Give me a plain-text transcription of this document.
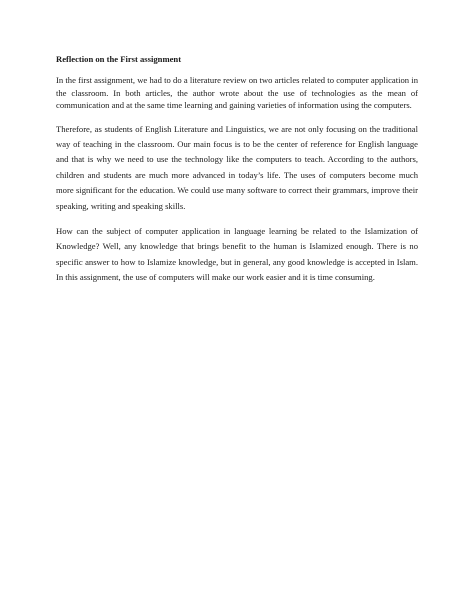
Reflection on the First assignment

In the first assignment, we had to do a literature review on two articles related to computer application in the classroom. In both articles, the author wrote about the use of technologies as the mean of communication and at the same time learning and gaining varieties of information using the computers.

Therefore, as students of English Literature and Linguistics, we are not only focusing on the traditional way of teaching in the classroom. Our main focus is to be the center of reference for English language and that is why we need to use the technology like the computers to teach. According to the authors, children and students are much more advanced in today’s life. The uses of computers become much more significant for the education. We could use many software to correct their grammars, improve their speaking, writing and speaking skills.

How can the subject of computer application in language learning be related to the Islamization of Knowledge? Well, any knowledge that brings benefit to the human is Islamized enough. There is no specific answer to how to Islamize knowledge, but in general, any good knowledge is accepted in Islam. In this assignment, the use of computers will make our work easier and it is time consuming.
